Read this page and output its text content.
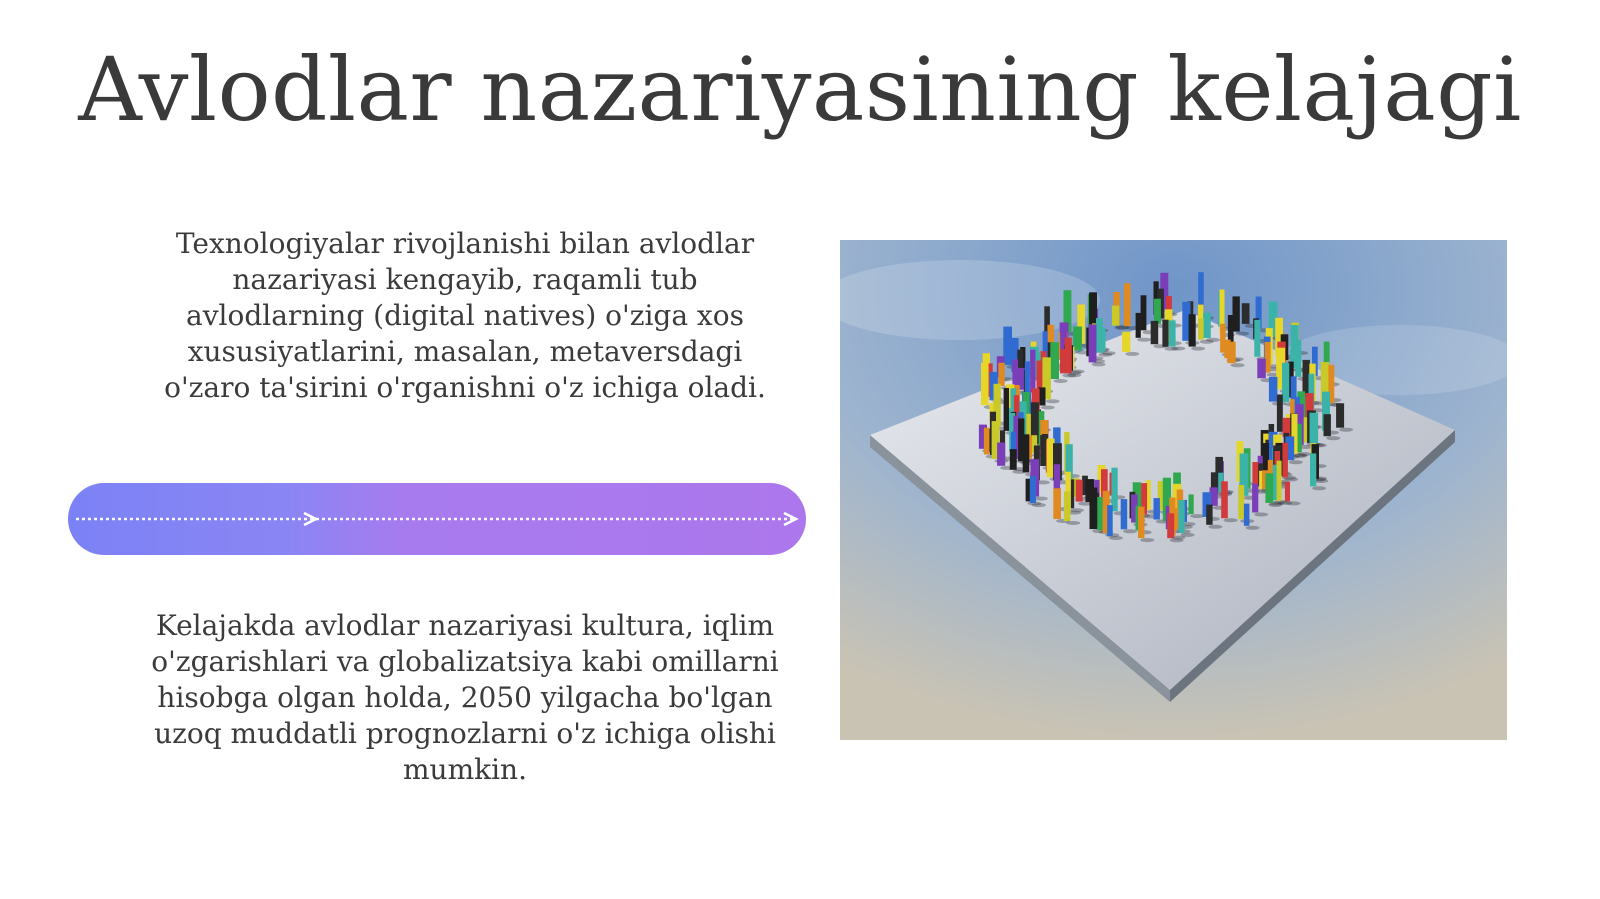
Avlodlar nazariyasining kelajagi
Texnologiyalar rivojlanishi bilan avlodlar nazariyasi kengayib, raqamli tub avlodlarning (digital natives) o'ziga xos xususiyatlarini, masalan, metaversdagi o'zaro ta'sirini o'rganishni o'z ichiga oladi.
Kelajakda avlodlar nazariyasi kultura, iqlim o'zgarishlari va globalizatsiya kabi omillarni hisobga olgan holda, 2050 yilgacha bo'lgan uzoq muddatli prognozlarni o'z ichiga olishi mumkin.
